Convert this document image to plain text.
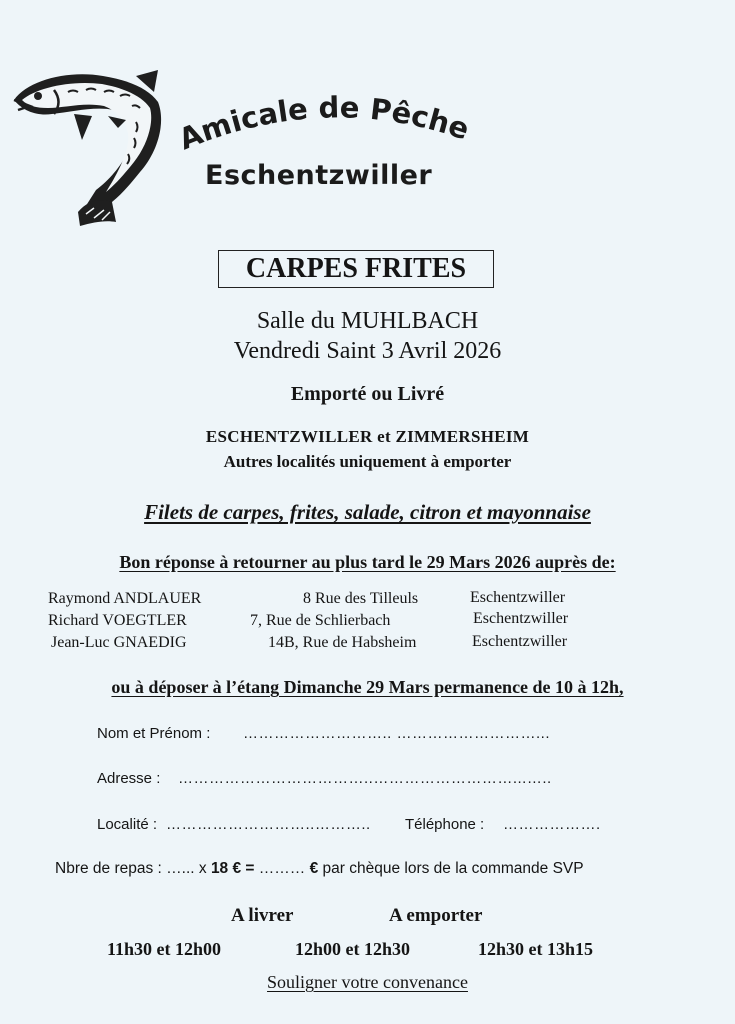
micale de Pêche
Eschentzwiller
CARPES FRITES
Salle du MUHLBACH
Vendredi Saint 3 Avril 2026
Emporté ou Livré
ESCHENTZWILLER et ZIMMERSHEIM
Autres localités uniquement à emporter
Filets de carpes, frites, salade, citron et mayonnaise
Bon réponse à retourner au plus tard le 29 Mars 2026 auprès de:
Raymond ANDLAUER	8 Rue des Tilleuls	Eschentzwiller
Richard VOEGTLER	7, Rue de Schlierbach	Eschentzwiller
Jean-Luc GNAEDIG	14B, Rue de Habsheim	Eschentzwiller
ou à déposer à l’étang Dimanche 29 Mars permanence de 10 à 12h,
Nom et Prénom : ……………………….. ………………………...
Adresse : ………………………………..………………………...…..
Localité : ………………………..……….. Téléphone : ……………….
Nbre de repas : …... x 18 € = ……… € par chèque lors de la commande SVP
A livrer	A emporter
11h30 et 12h00	12h00 et 12h30	12h30 et 13h15
Souligner votre convenance
